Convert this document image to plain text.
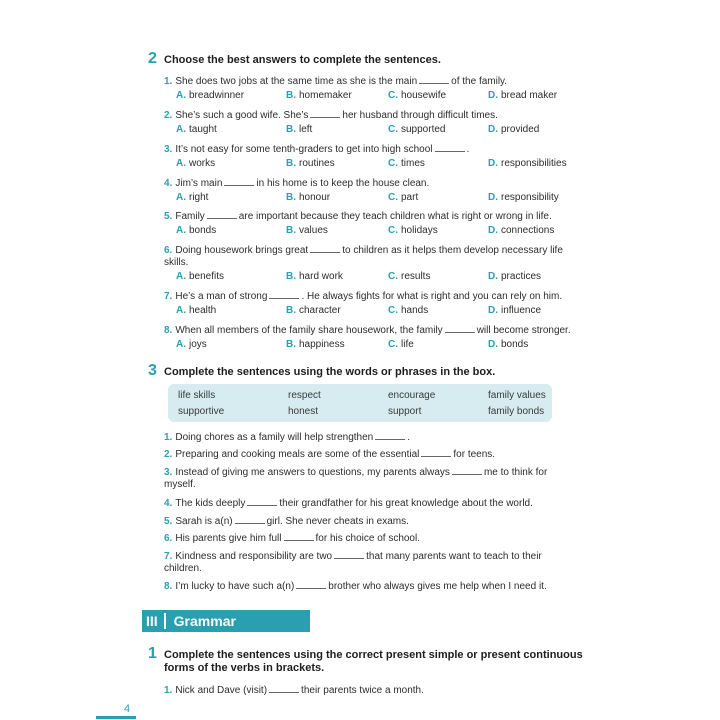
2 Choose the best answers to complete the sentences.
1. She does two jobs at the same time as she is the main	of the family.
A. breadwinner	B. homemaker	C. housewife	D. bread maker
2. She’s such a good wife. She’s	her husband through difficult times.
A. taught	B. left	C. supported	D. provided
3. It’s not easy for some tenth-graders to get into high school	.
A. works	B. routines	C. times	D. responsibilities
4. Jim’s main	in his home is to keep the house clean.
A. right	B. honour	C. part	D. responsibility
5. Family	are important because they teach children what is right or wrong in life.
A. bonds	B. values	C. holidays	D. connections
6. Doing housework brings great	to children as it helps them develop necessary life skills.
A. benefits	B. hard work	C. results	D. practices
7. He’s a man of strong	. He always fights for what is right and you can rely on him.
A. health	B. character	C. hands	D. influence
8. When all members of the family share housework, the family	will become stronger.
A. joys	B. happiness	C. life	D. bonds
3 Complete the sentences using the words or phrases in the box.
life skills	respect	encourage	family values
supportive	honest	support	family bonds
1. Doing chores as a family will help strengthen	.
2. Preparing and cooking meals are some of the essential	for teens.
3. Instead of giving me answers to questions, my parents always	me to think for myself.
4. The kids deeply	their grandfather for his great knowledge about the world.
5. Sarah is a(n)	girl. She never cheats in exams.
6. His parents give him full	for his choice of school.
7. Kindness and responsibility are two	that many parents want to teach to their children.
8. I’m lucky to have such a(n)	brother who always gives me help when I need it.
III	Grammar
1 Complete the sentences using the correct present simple or present continuous forms of the verbs in brackets.
1. Nick and Dave (visit)	their parents twice a month.
4
